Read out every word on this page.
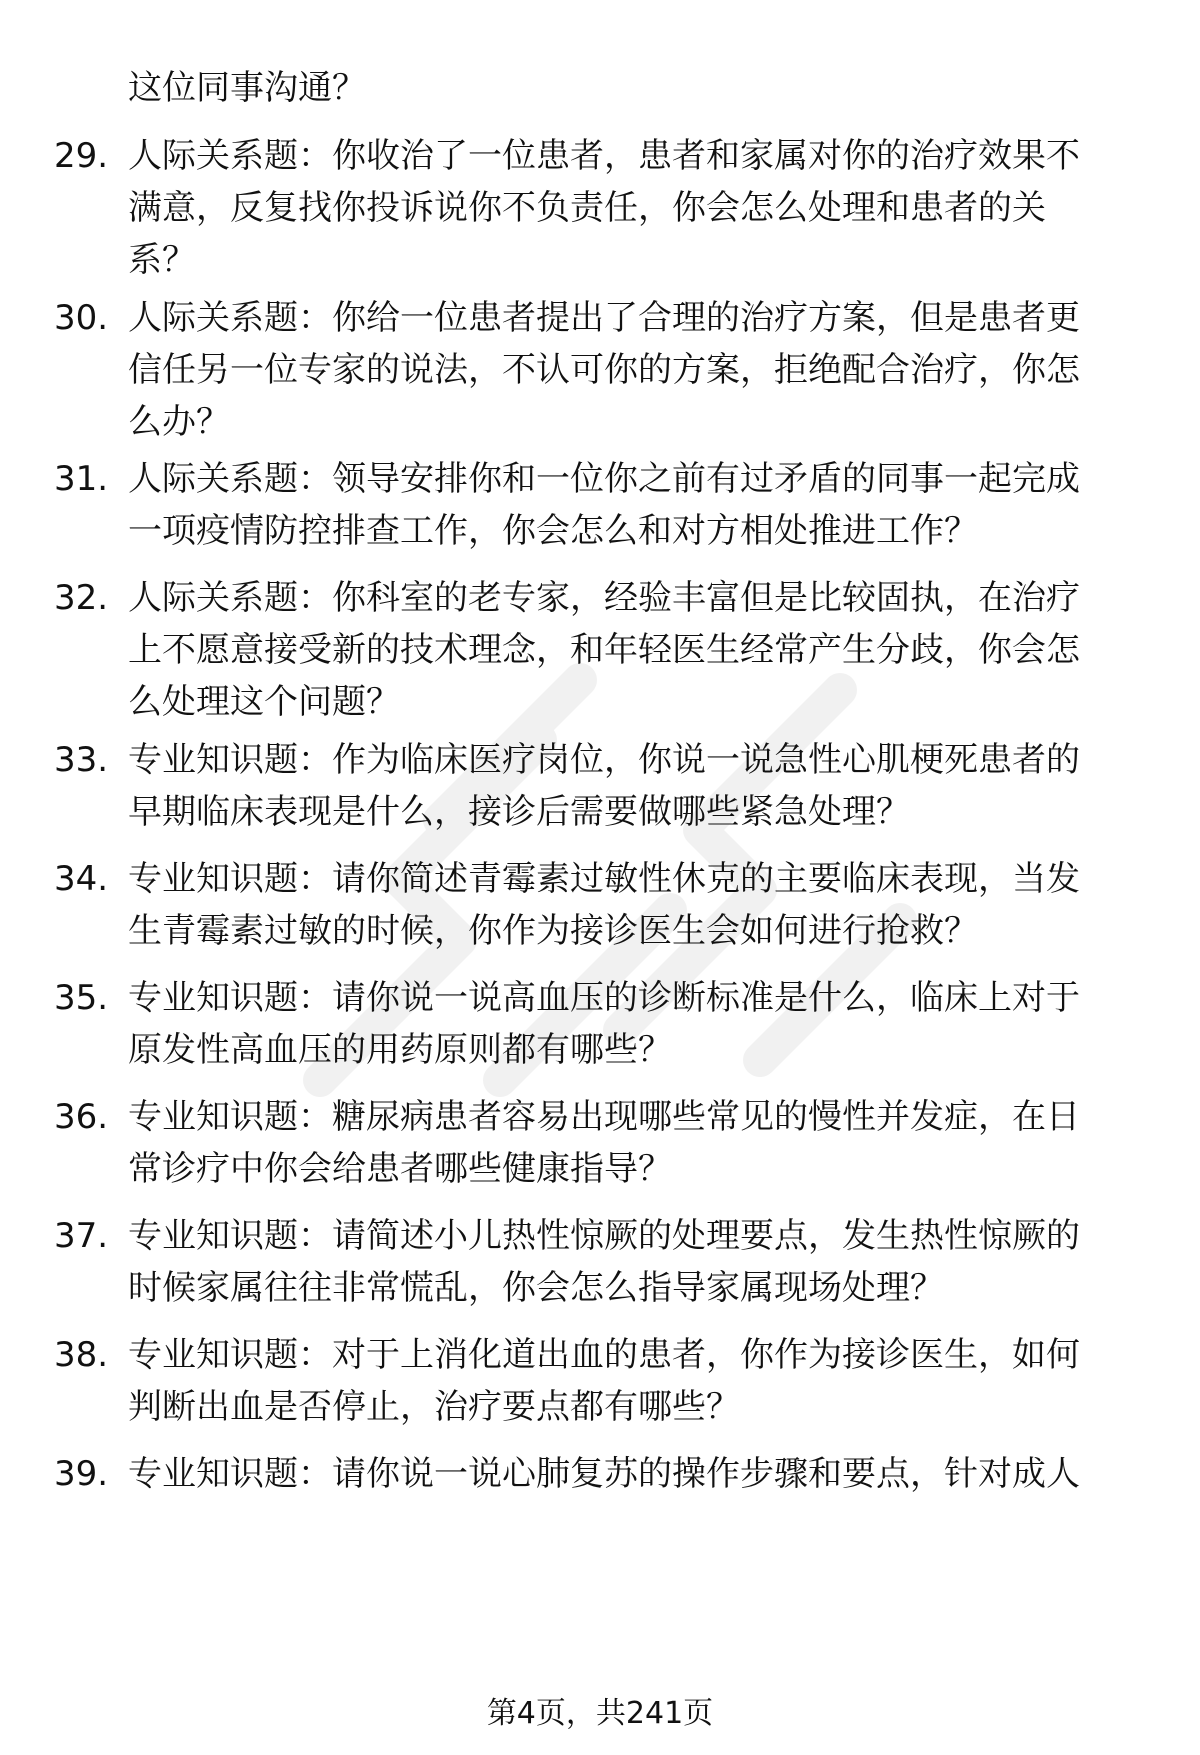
这位同事沟通？
29. 人际关系题：你收治了一位患者，患者和家属对你的治疗效果不
满意，反复找你投诉说你不负责任，你会怎么处理和患者的关
系？
30. 人际关系题：你给一位患者提出了合理的治疗方案，但是患者更
信任另一位专家的说法，不认可你的方案，拒绝配合治疗，你怎
么办？
31. 人际关系题：领导安排你和一位你之前有过矛盾的同事一起完成
一项疫情防控排查工作，你会怎么和对方相处推进工作？
32. 人际关系题：你科室的老专家，经验丰富但是比较固执，在治疗
上不愿意接受新的技术理念，和年轻医生经常产生分歧，你会怎
么处理这个问题？
33. 专业知识题：作为临床医疗岗位，你说一说急性心肌梗死患者的
早期临床表现是什么，接诊后需要做哪些紧急处理？
34. 专业知识题：请你简述青霉素过敏性休克的主要临床表现，当发
生青霉素过敏的时候，你作为接诊医生会如何进行抢救？
35. 专业知识题：请你说一说高血压的诊断标准是什么，临床上对于
原发性高血压的用药原则都有哪些？
36. 专业知识题：糖尿病患者容易出现哪些常见的慢性并发症，在日
常诊疗中你会给患者哪些健康指导？
37. 专业知识题：请简述小儿热性惊厥的处理要点，发生热性惊厥的
时候家属往往非常慌乱，你会怎么指导家属现场处理？
38. 专业知识题：对于上消化道出血的患者，你作为接诊医生，如何
判断出血是否停止，治疗要点都有哪些？
39. 专业知识题：请你说一说心肺复苏的操作步骤和要点，针对成人
第4页，共241页
